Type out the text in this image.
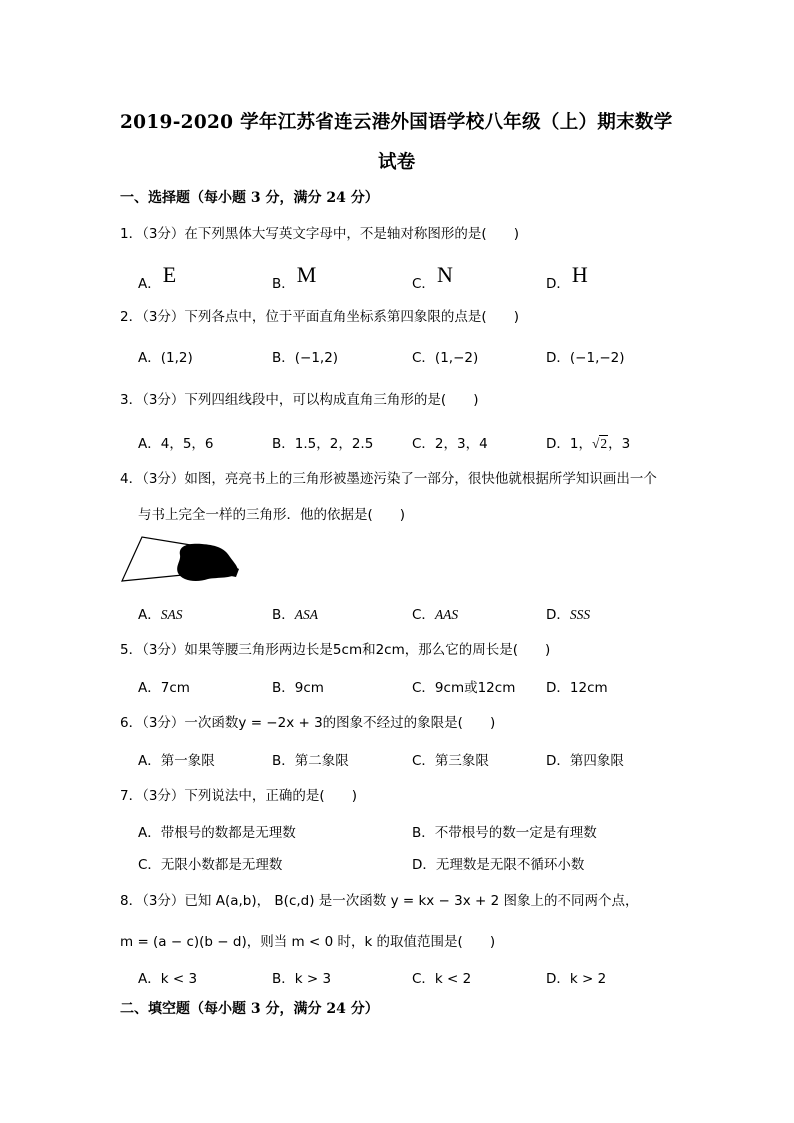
2019-2020 学年江苏省连云港外国语学校八年级（上）期末数学
试卷
一、选择题（每小题 3 分，满分 24 分）
1．（3分）在下列黑体大写英文字母中，不是轴对称图形的是(　　)
A．E	B．M	C．N	D．H
2．（3分）下列各点中，位于平面直角坐标系第四象限的点是(　　)
A．(1,2)	B．(−1,2)	C．(1,−2)	D．(−1,−2)
3．（3分）下列四组线段中，可以构成直角三角形的是(　　)
A．4，5，6	B．1.5，2，2.5	C．2，3，4	D．1，√2，3
4．（3分）如图，亮亮书上的三角形被墨迹污染了一部分，很快他就根据所学知识画出一个
与书上完全一样的三角形．他的依据是(　　)
A．SAS	B．ASA	C．AAS	D．SSS
5．（3分）如果等腰三角形两边长是5cm和2cm，那么它的周长是(　　)
A．7cm	B．9cm	C．9cm或12cm D．12cm
6．（3分）一次函数y = −2x + 3的图象不经过的象限是(　　)
A．第一象限	B．第二象限	C．第三象限	D．第四象限
7．（3分）下列说法中，正确的是(　　)
A．带根号的数都是无理数	B．不带根号的数一定是有理数
C．无限小数都是无理数	D．无理数是无限不循环小数
8．（3分）已知 A(a,b)， B(c,d) 是一次函数 y = kx − 3x + 2 图象上的不同两个点，
m = (a − c)(b − d)，则当 m < 0 时，k 的取值范围是(　　)
A．k < 3	B．k > 3	C．k < 2	D．k > 2
二、填空题（每小题 3 分，满分 24 分）
